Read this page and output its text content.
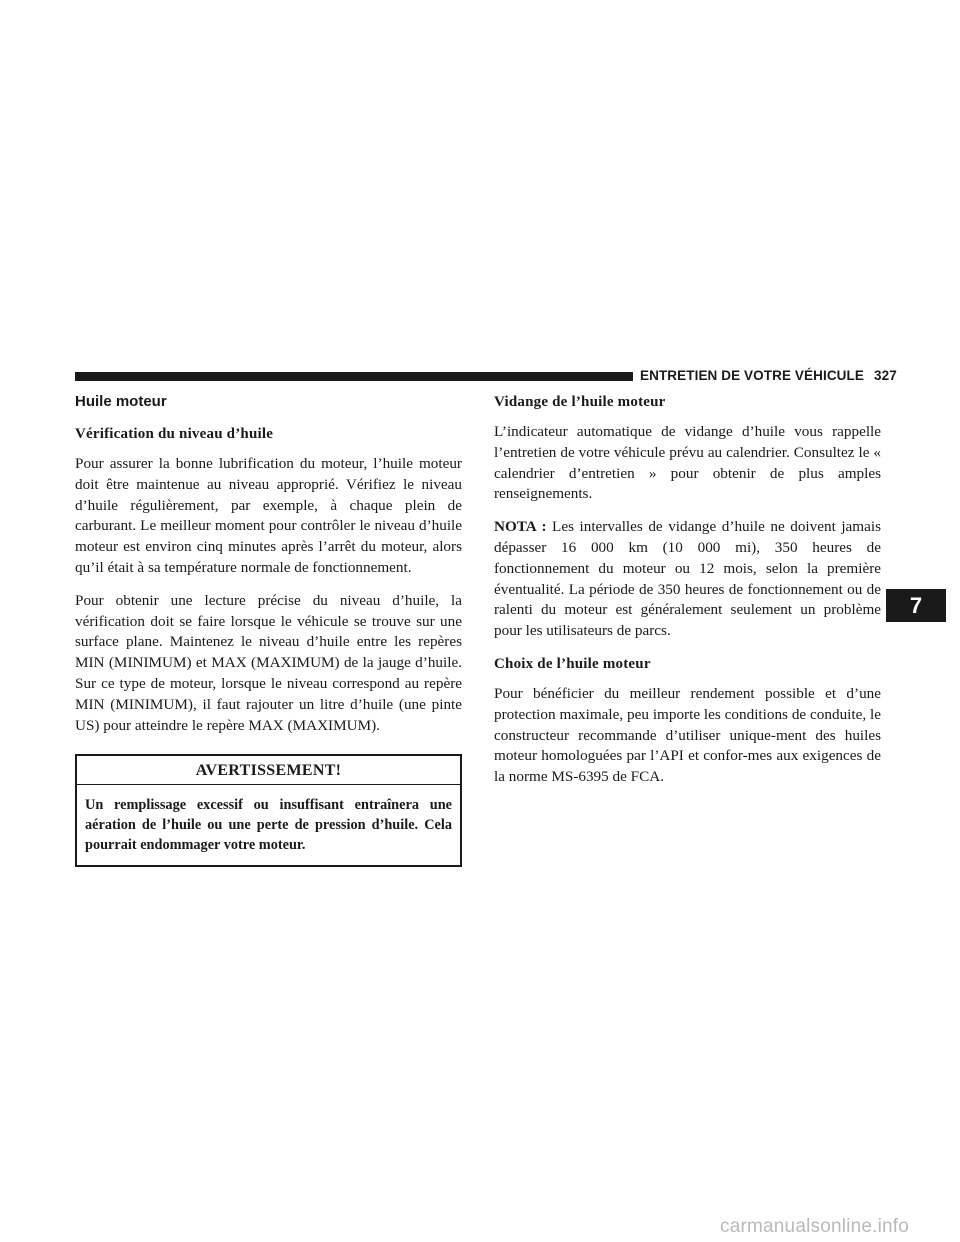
ENTRETIEN DE VOTRE VÉHICULE 327
Huile moteur
Vérification du niveau d’huile

Pour assurer la bonne lubrification du moteur, l’huile moteur doit être maintenue au niveau approprié. Vérifiez le niveau d’huile régulièrement, par exemple, à chaque plein de carburant. Le meilleur moment pour contrôler le niveau d’huile moteur est environ cinq minutes après l’arrêt du moteur, alors qu’il était à sa température normale de fonctionnement.

Pour obtenir une lecture précise du niveau d’huile, la vérification doit se faire lorsque le véhicule se trouve sur une surface plane. Maintenez le niveau d’huile entre les repères MIN (MINIMUM) et MAX (MAXIMUM) de la jauge d’huile. Sur ce type de moteur, lorsque le niveau correspond au repère MIN (MINIMUM), il faut rajouter un litre d’huile (une pinte US) pour atteindre le repère MAX (MAXIMUM).

AVERTISSEMENT!
Un remplissage excessif ou insuffisant entraînera une aération de l’huile ou une perte de pression d’huile. Cela pourrait endommager votre moteur.
Vidange de l’huile moteur

L’indicateur automatique de vidange d’huile vous rappelle l’entretien de votre véhicule prévu au calendrier. Consultez le « calendrier d’entretien » pour obtenir de plus amples renseignements.

NOTA : Les intervalles de vidange d’huile ne doivent jamais dépasser 16 000 km (10 000 mi), 350 heures de fonctionnement du moteur ou 12 mois, selon la première éventualité. La période de 350 heures de fonctionnement ou de ralenti du moteur est généralement seulement un problème pour les utilisateurs de parcs.

Choix de l’huile moteur

Pour bénéficier du meilleur rendement possible et d’une protection maximale, peu importe les conditions de conduite, le constructeur recommande d’utiliser unique-ment des huiles moteur homologuées par l’API et confor-mes aux exigences de la norme MS-6395 de FCA.

7
carmanualsonline.info
